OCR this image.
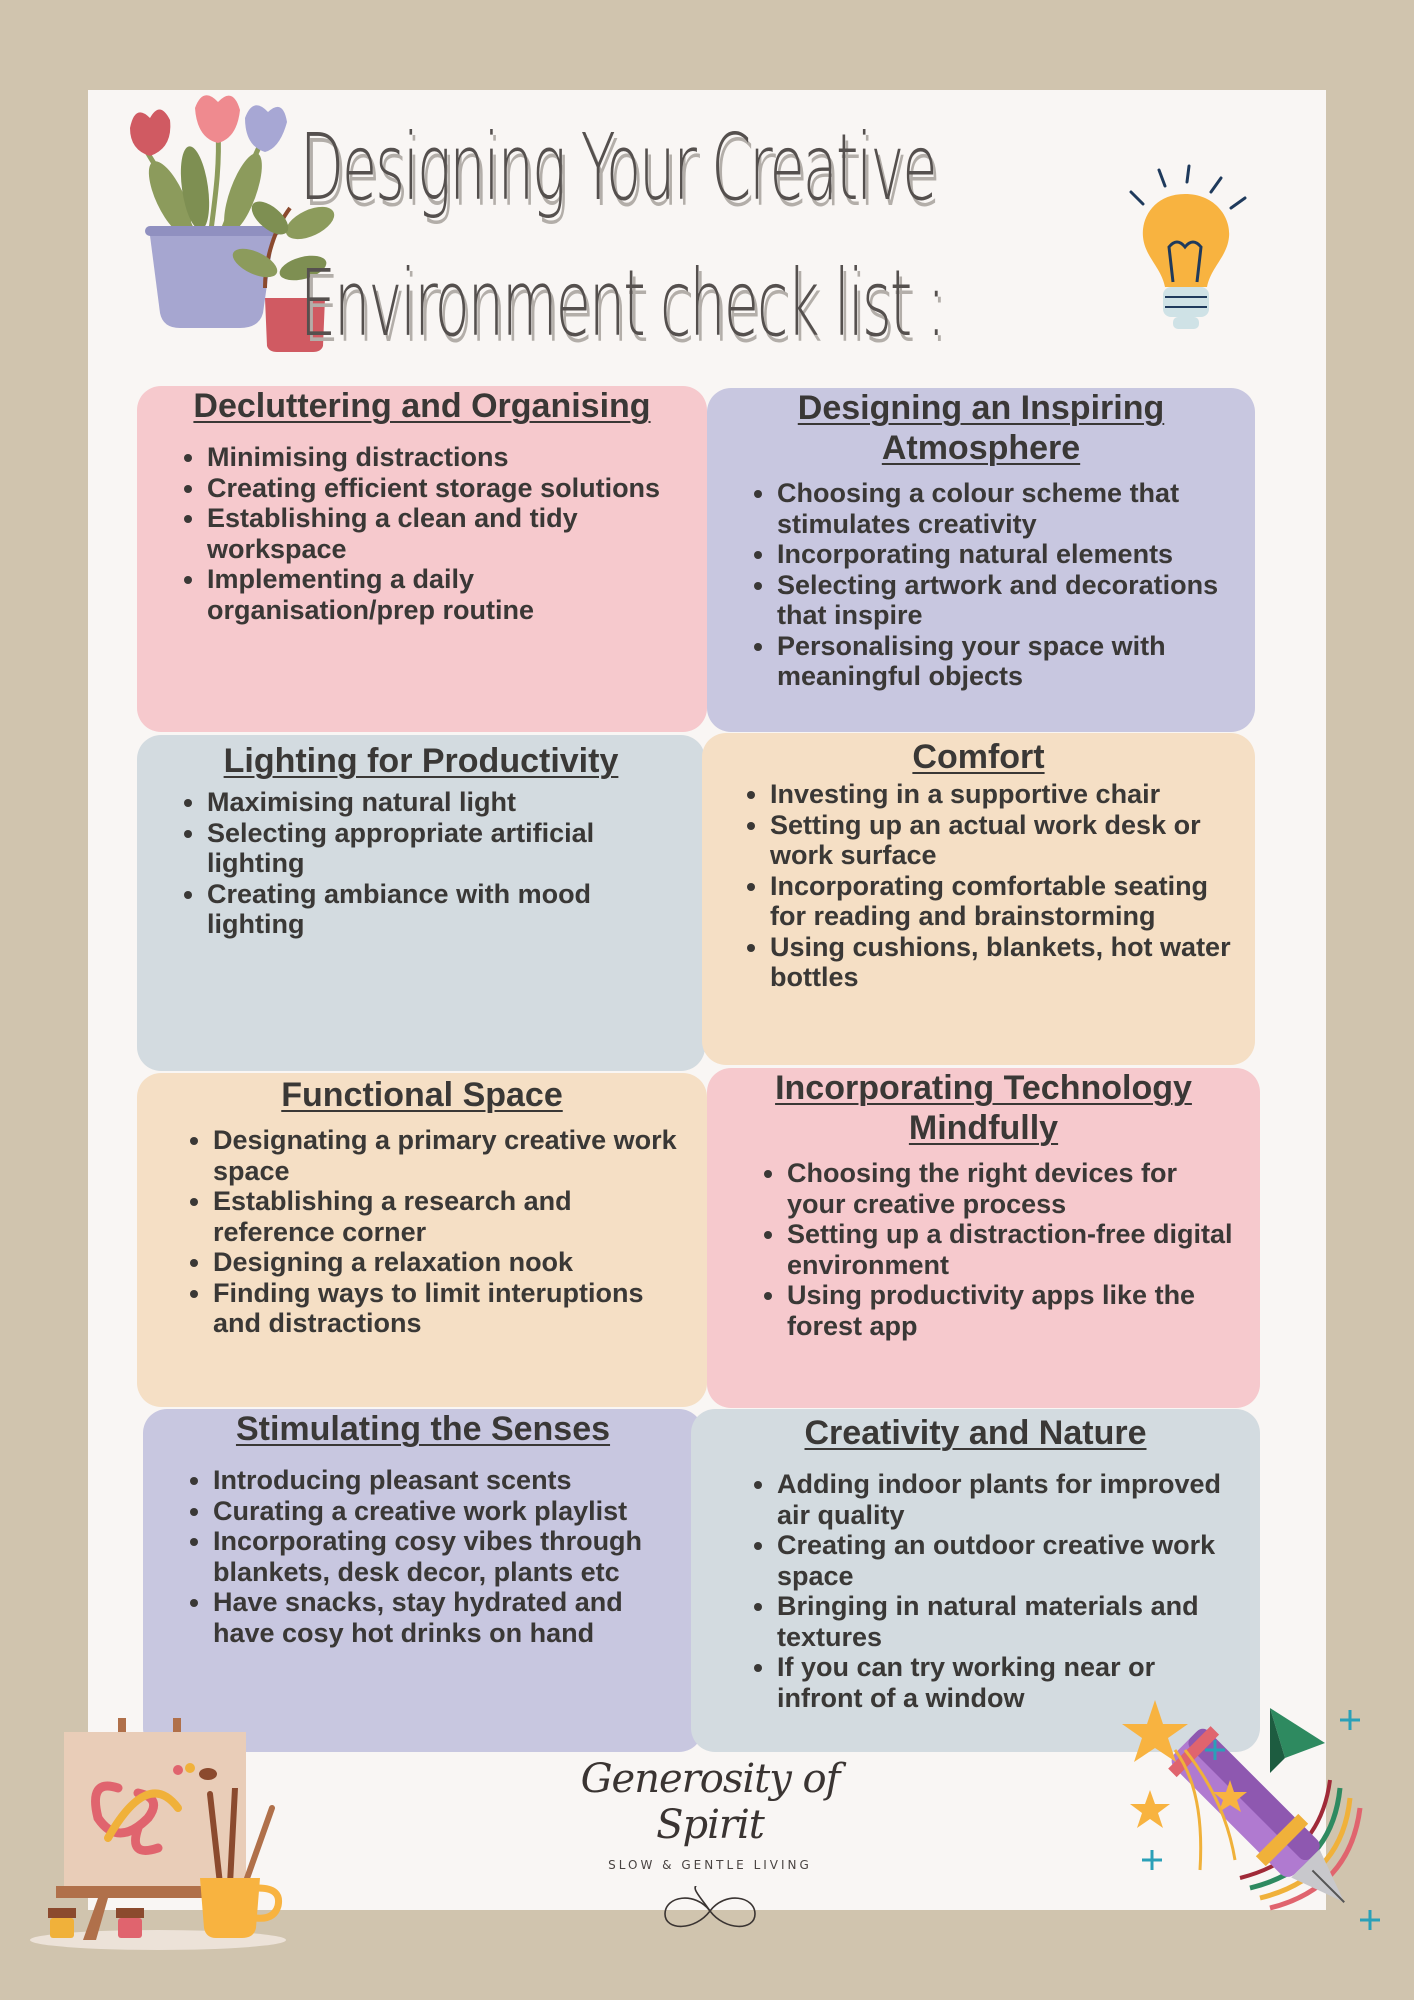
Designing Your Creative
Environment check list :
Decluttering and Organising
• Minimising distractions
• Creating efficient storage solutions
• Establishing a clean and tidy workspace
• Implementing a daily organisation/prep routine
Designing an Inspiring Atmosphere
• Choosing a colour scheme that stimulates creativity
• Incorporating natural elements
• Selecting artwork and decorations that inspire
• Personalising your space with meaningful objects
Lighting for Productivity
• Maximising natural light
• Selecting appropriate artificial lighting
• Creating ambiance with mood lighting
Comfort
• Investing in a supportive chair
• Setting up an actual work desk or work surface
• Incorporating comfortable seating for reading and brainstorming
• Using cushions, blankets, hot water bottles
Functional Space
• Designating a primary creative work space
• Establishing a research and reference corner
• Designing a relaxation nook
• Finding ways to limit interuptions and distractions
Incorporating Technology Mindfully
• Choosing the right devices for your creative process
• Setting up a distraction-free digital environment
• Using productivity apps like the forest app
Stimulating the Senses
• Introducing pleasant scents
• Curating a creative work playlist
• Incorporating cosy vibes through blankets, desk decor, plants etc
• Have snacks, stay hydrated and have cosy hot drinks on hand
Creativity and Nature
• Adding indoor plants for improved air quality
• Creating an outdoor creative work space
• Bringing in natural materials and textures
• If you can try working near or infront of a window
Generosity of Spirit
SLOW & GENTLE LIVING
